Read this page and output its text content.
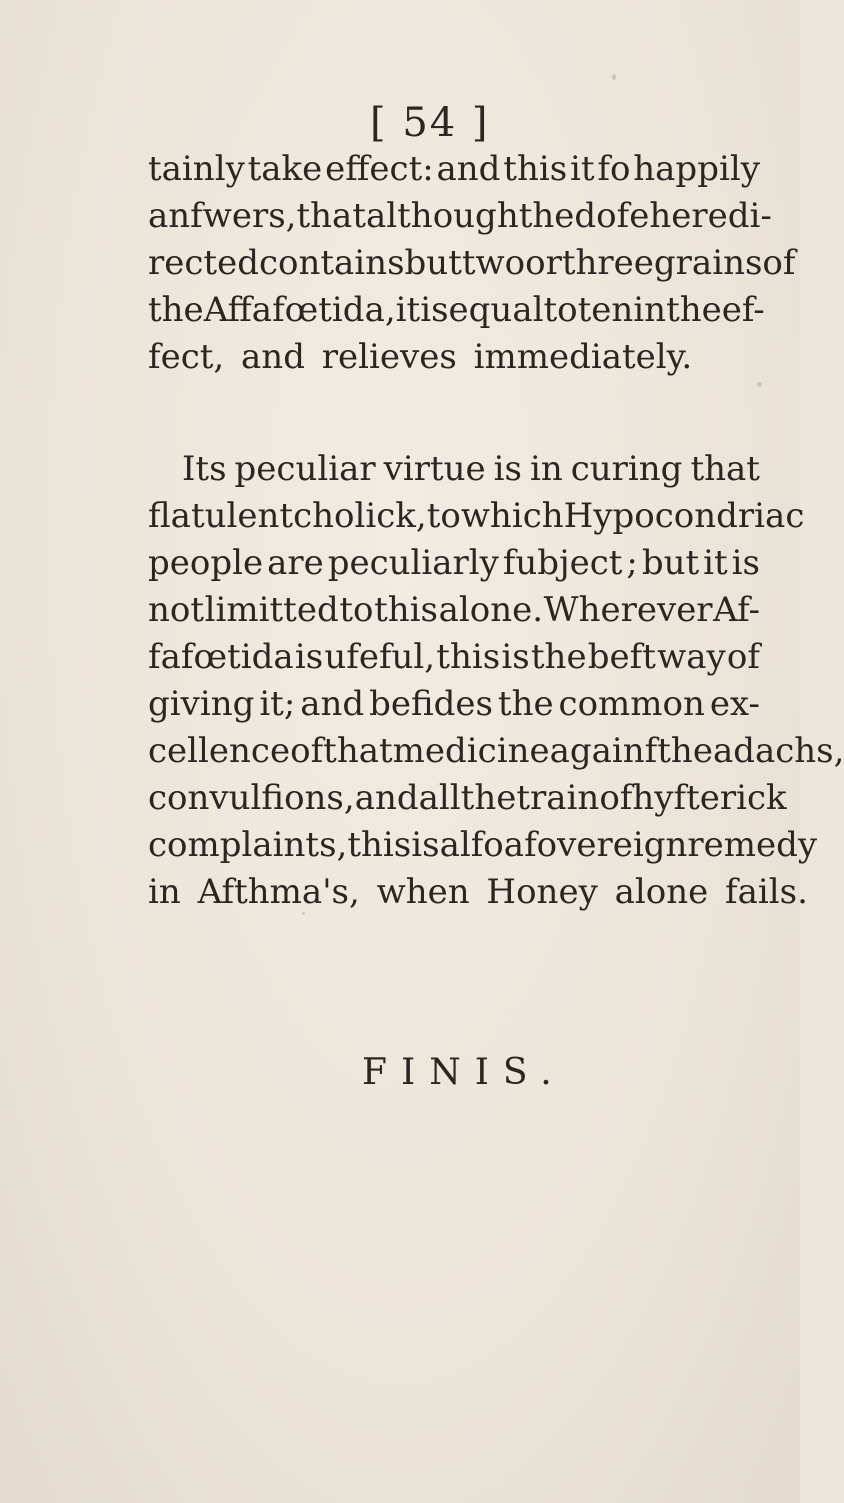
[ 54 ]
tainly take effect: and this it fo happily
anfwers, that although the dofe here di-
rected contains but two or three grains of
the Affafœtida, it is equal to ten in the ef-
fect, and relieves immediately.
Its peculiar virtue is in curing that
flatulent cholick, to which Hypocondriac
people are peculiarly fubject ; but it is
not limitted to this alone. Wherever Af-
fafœtida is ufeful, this is the beft way of
giving it; and befides the common ex-
cellence of that medicine againft headachs,
convulfions, and all the train of hyfterick
complaints, this is alfo a fovereign remedy
in Afthma's, when Honey alone fails.
FINIS.
